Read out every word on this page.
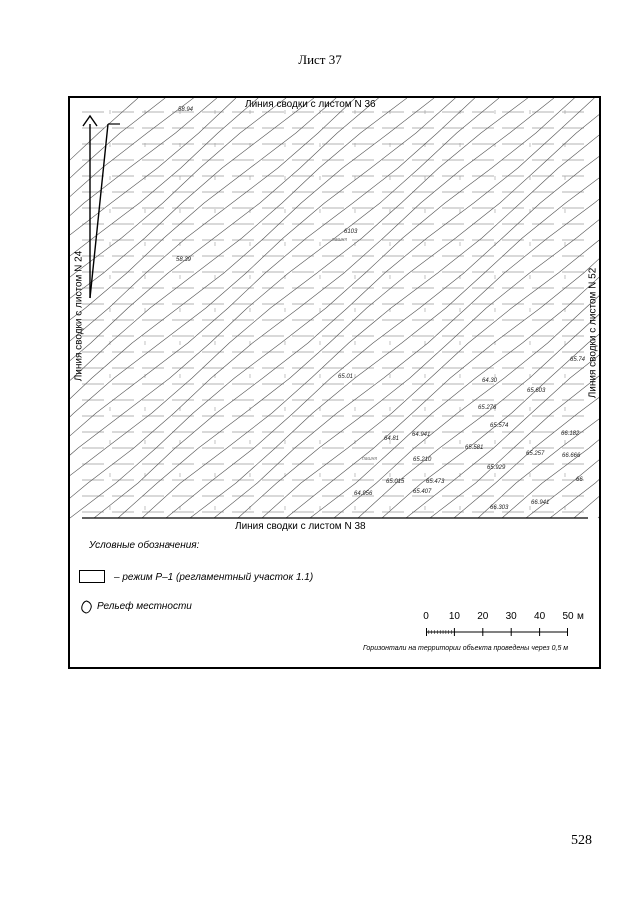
Лист 37
Линия сводки с листом N 36
Линия сводки с листом N 38
Линия сводки с листом N 24	Линия сводки с листом N 52
58.94
58.39
65.01
64.81
64.30
65.276
65.574
65.603
64.941
65.210
65.581
65.929
65.257
65.015	65.473
65.407
64.956
66.303
66.941
65.74
66.182
66.666
66
пашня
пашня
6103
Условные обозначения:
– режим Р–1 (регламентный участок 1.1)
Рельеф местности
0 10 20 30 40 50 м
Горизонтали на территории объекта проведены через 0,5 м
528
